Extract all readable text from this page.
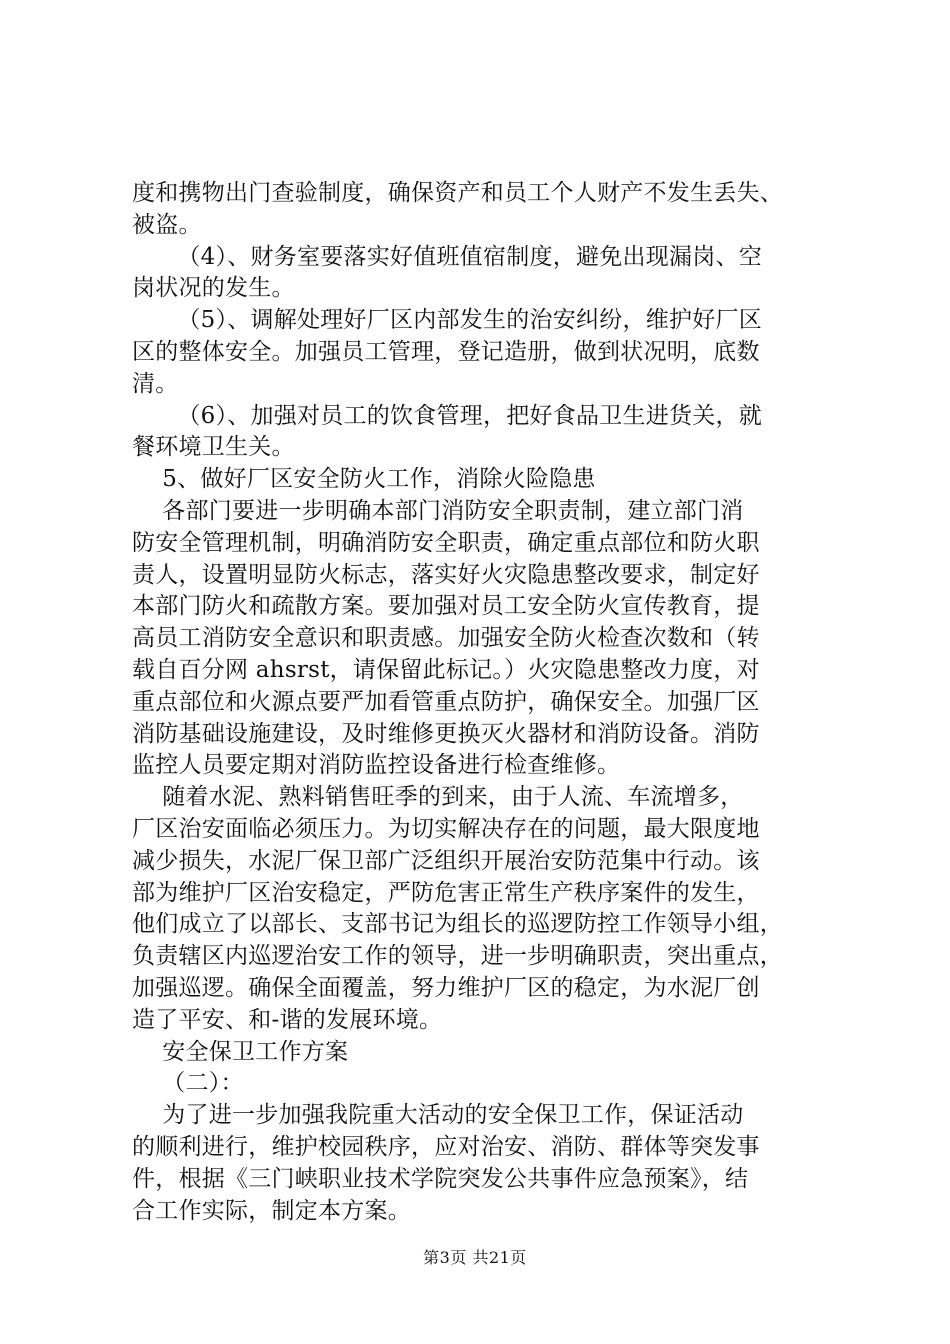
度和携物出门查验制度，确保资产和员工个人财产不发生丢失、
被盗。
（4）、财务室要落实好值班值宿制度，避免出现漏岗、空
岗状况的发生。
（5）、调解处理好厂区内部发生的治安纠纷，维护好厂区
区的整体安全。加强员工管理，登记造册，做到状况明，底数
清。
（6）、加强对员工的饮食管理，把好食品卫生进货关，就
餐环境卫生关。
5、做好厂区安全防火工作，消除火险隐患
各部门要进一步明确本部门消防安全职责制，建立部门消
防安全管理机制，明确消防安全职责，确定重点部位和防火职
责人，设置明显防火标志，落实好火灾隐患整改要求，制定好
本部门防火和疏散方案。要加强对员工安全防火宣传教育，提
高员工消防安全意识和职责感。加强安全防火检查次数和（转
载自百分网 ahsrst，请保留此标记。）火灾隐患整改力度，对
重点部位和火源点要严加看管重点防护，确保安全。加强厂区
消防基础设施建设，及时维修更换灭火器材和消防设备。消防
监控人员要定期对消防监控设备进行检查维修。
随着水泥、熟料销售旺季的到来，由于人流、车流增多，
厂区治安面临必须压力。为切实解决存在的问题，最大限度地
减少损失，水泥厂保卫部广泛组织开展治安防范集中行动。该
部为维护厂区治安稳定，严防危害正常生产秩序案件的发生，
他们成立了以部长、支部书记为组长的巡逻防控工作领导小组，
负责辖区内巡逻治安工作的领导，进一步明确职责，突出重点，
加强巡逻。确保全面覆盖，努力维护厂区的稳定，为水泥厂创
造了平安、和-谐的发展环境。
安全保卫工作方案
（二）：
为了进一步加强我院重大活动的安全保卫工作，保证活动
的顺利进行，维护校园秩序，应对治安、消防、群体等突发事
件，根据《三门峡职业技术学院突发公共事件应急预案》，结
合工作实际，制定本方案。
第3页 共21页
